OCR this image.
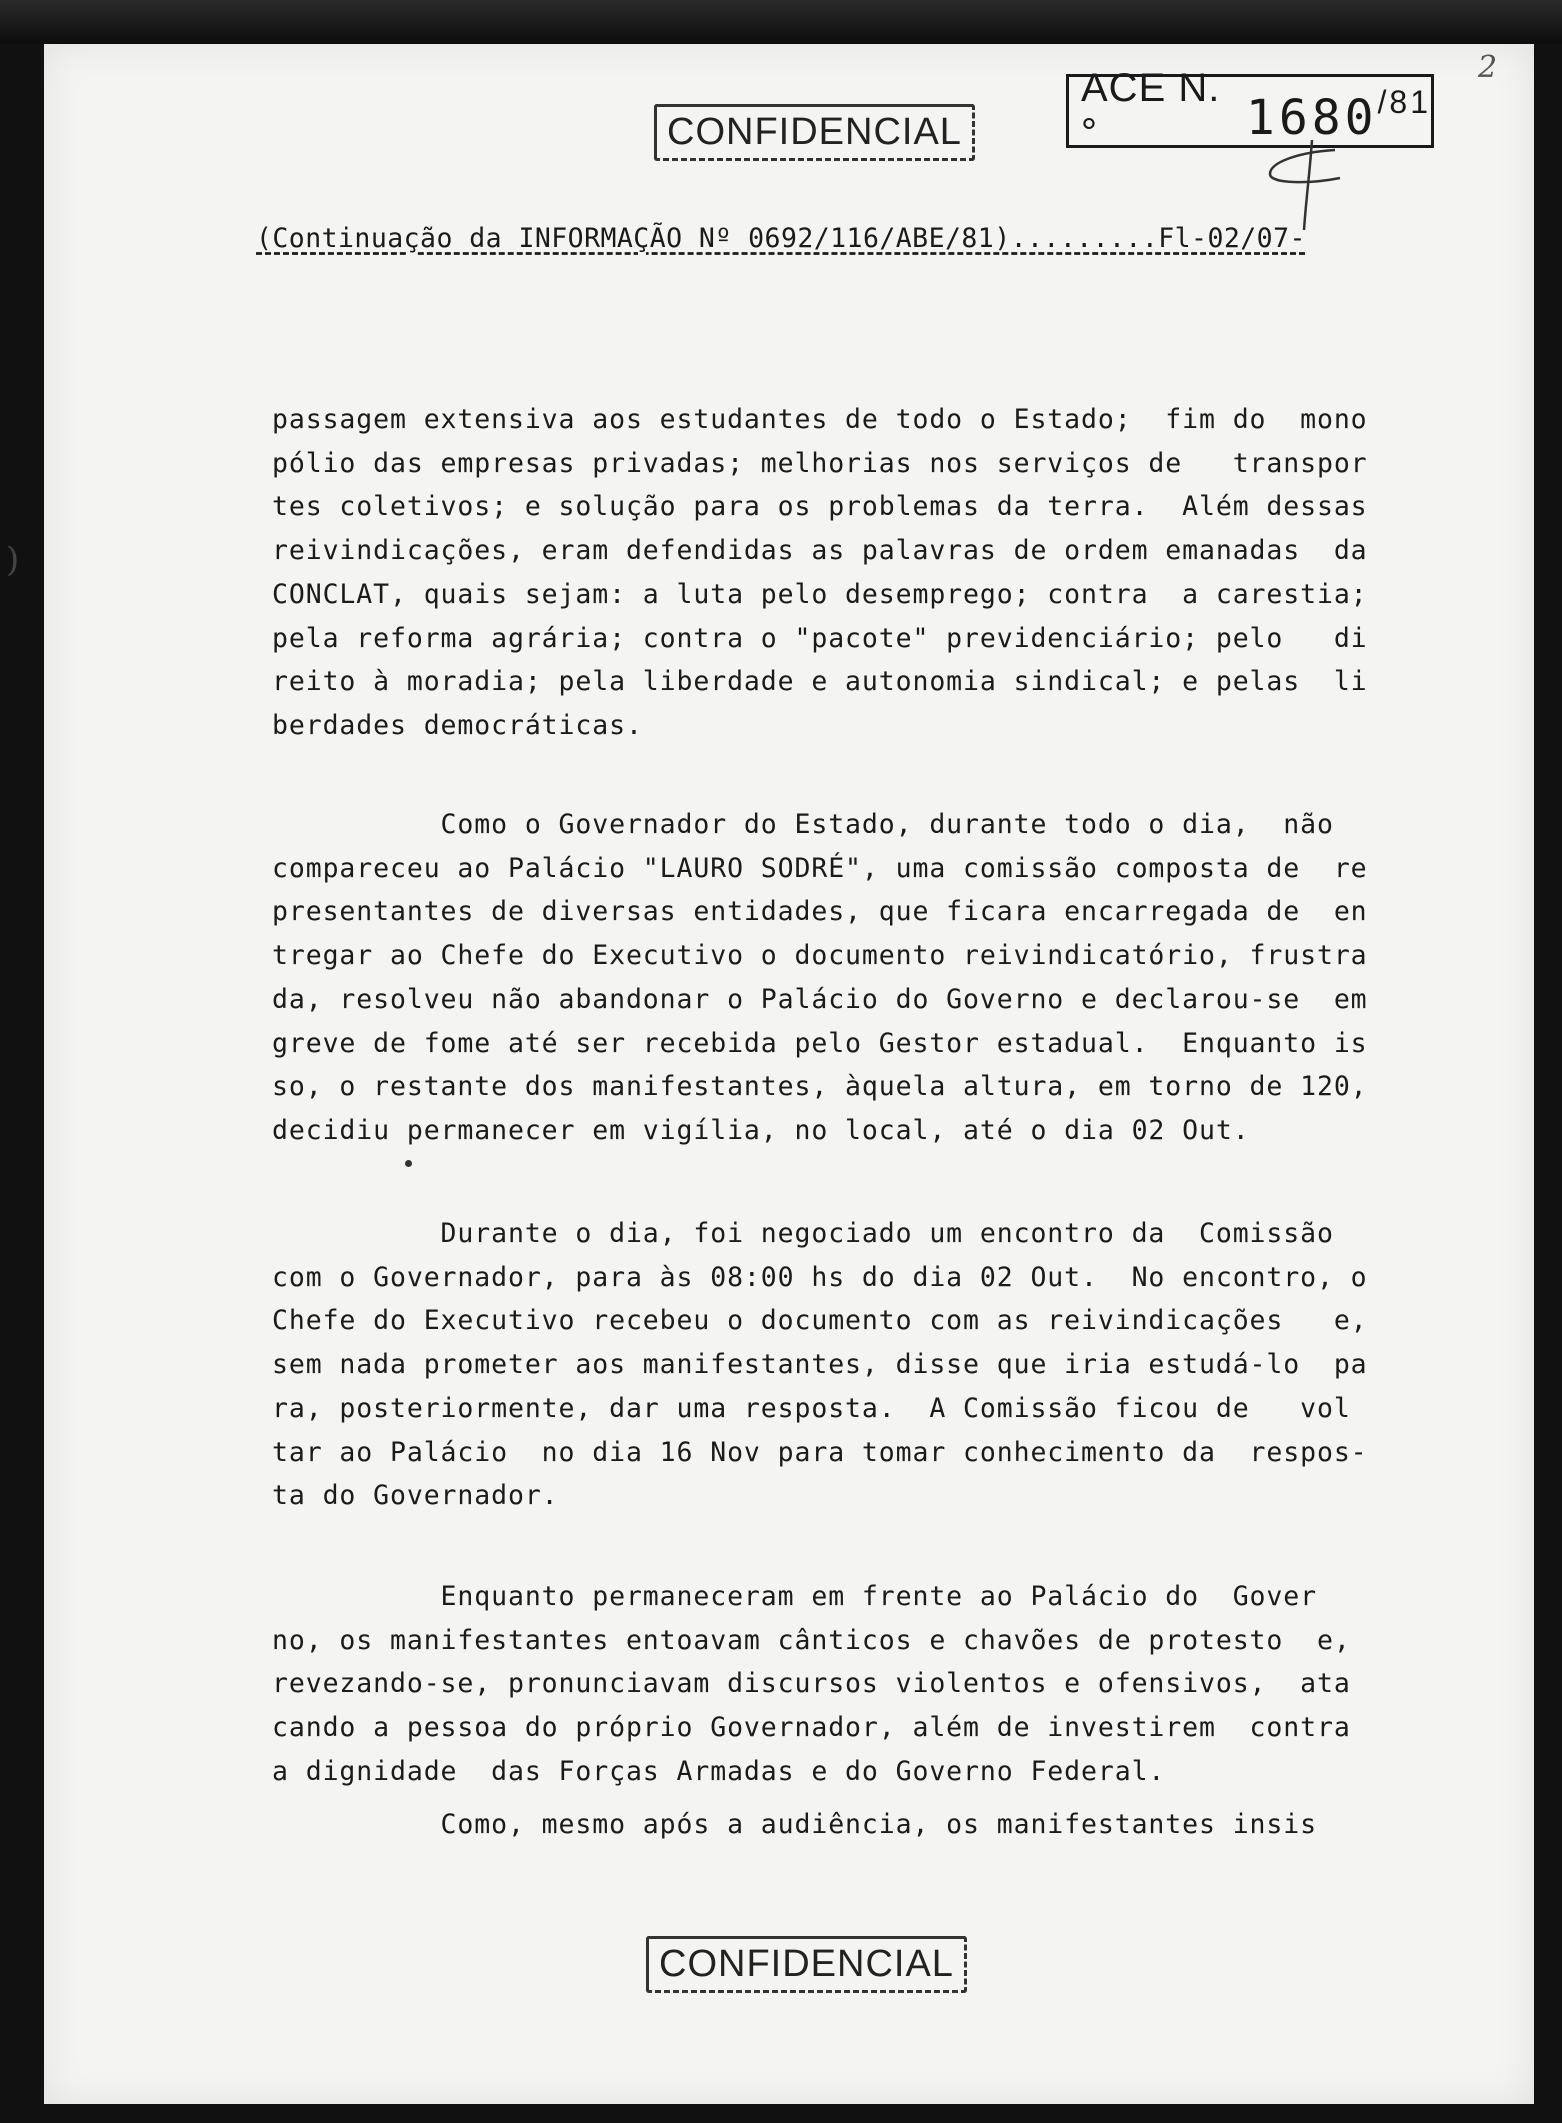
2
)
CONFIDENCIAL
ACE N.°	1680 /81
(Continuação da INFORMAÇÃO Nº 0692/116/ABE/81).........Fl-02/07-
passagem extensiva aos estudantes de todo o Estado;  fim do  mono
pólio das empresas privadas; melhorias nos serviços de   transpor
tes coletivos; e solução para os problemas da terra.  Além dessas
reivindicações, eram defendidas as palavras de ordem emanadas  da
CONCLAT, quais sejam: a luta pelo desemprego; contra  a carestia;
pela reforma agrária; contra o "pacote" previdenciário; pelo   di
reito à moradia; pela liberdade e autonomia sindical; e pelas  li
berdades democráticas.
Como o Governador do Estado, durante todo o dia,  não
compareceu ao Palácio "LAURO SODRÉ", uma comissão composta de  re
presentantes de diversas entidades, que ficara encarregada de  en
tregar ao Chefe do Executivo o documento reivindicatório, frustra
da, resolveu não abandonar o Palácio do Governo e declarou-se  em
greve de fome até ser recebida pelo Gestor estadual.  Enquanto is
so, o restante dos manifestantes, àquela altura, em torno de 120,
decidiu permanecer em vigília, no local, até o dia 02 Out.
Durante o dia, foi negociado um encontro da  Comissão
com o Governador, para às 08:00 hs do dia 02 Out.  No encontro, o
Chefe do Executivo recebeu o documento com as reivindicações   e,
sem nada prometer aos manifestantes, disse que iria estudá-lo  pa
ra, posteriormente, dar uma resposta.  A Comissão ficou de   vol
tar ao Palácio  no dia 16 Nov para tomar conhecimento da  respos-
ta do Governador.
Enquanto permaneceram em frente ao Palácio do  Gover
no, os manifestantes entoavam cânticos e chavões de protesto  e,
revezando-se, pronunciavam discursos violentos e ofensivos,  ata
cando a pessoa do próprio Governador, além de investirem  contra
a dignidade  das Forças Armadas e do Governo Federal.
Como, mesmo após a audiência, os manifestantes insis
CONFIDENCIAL
